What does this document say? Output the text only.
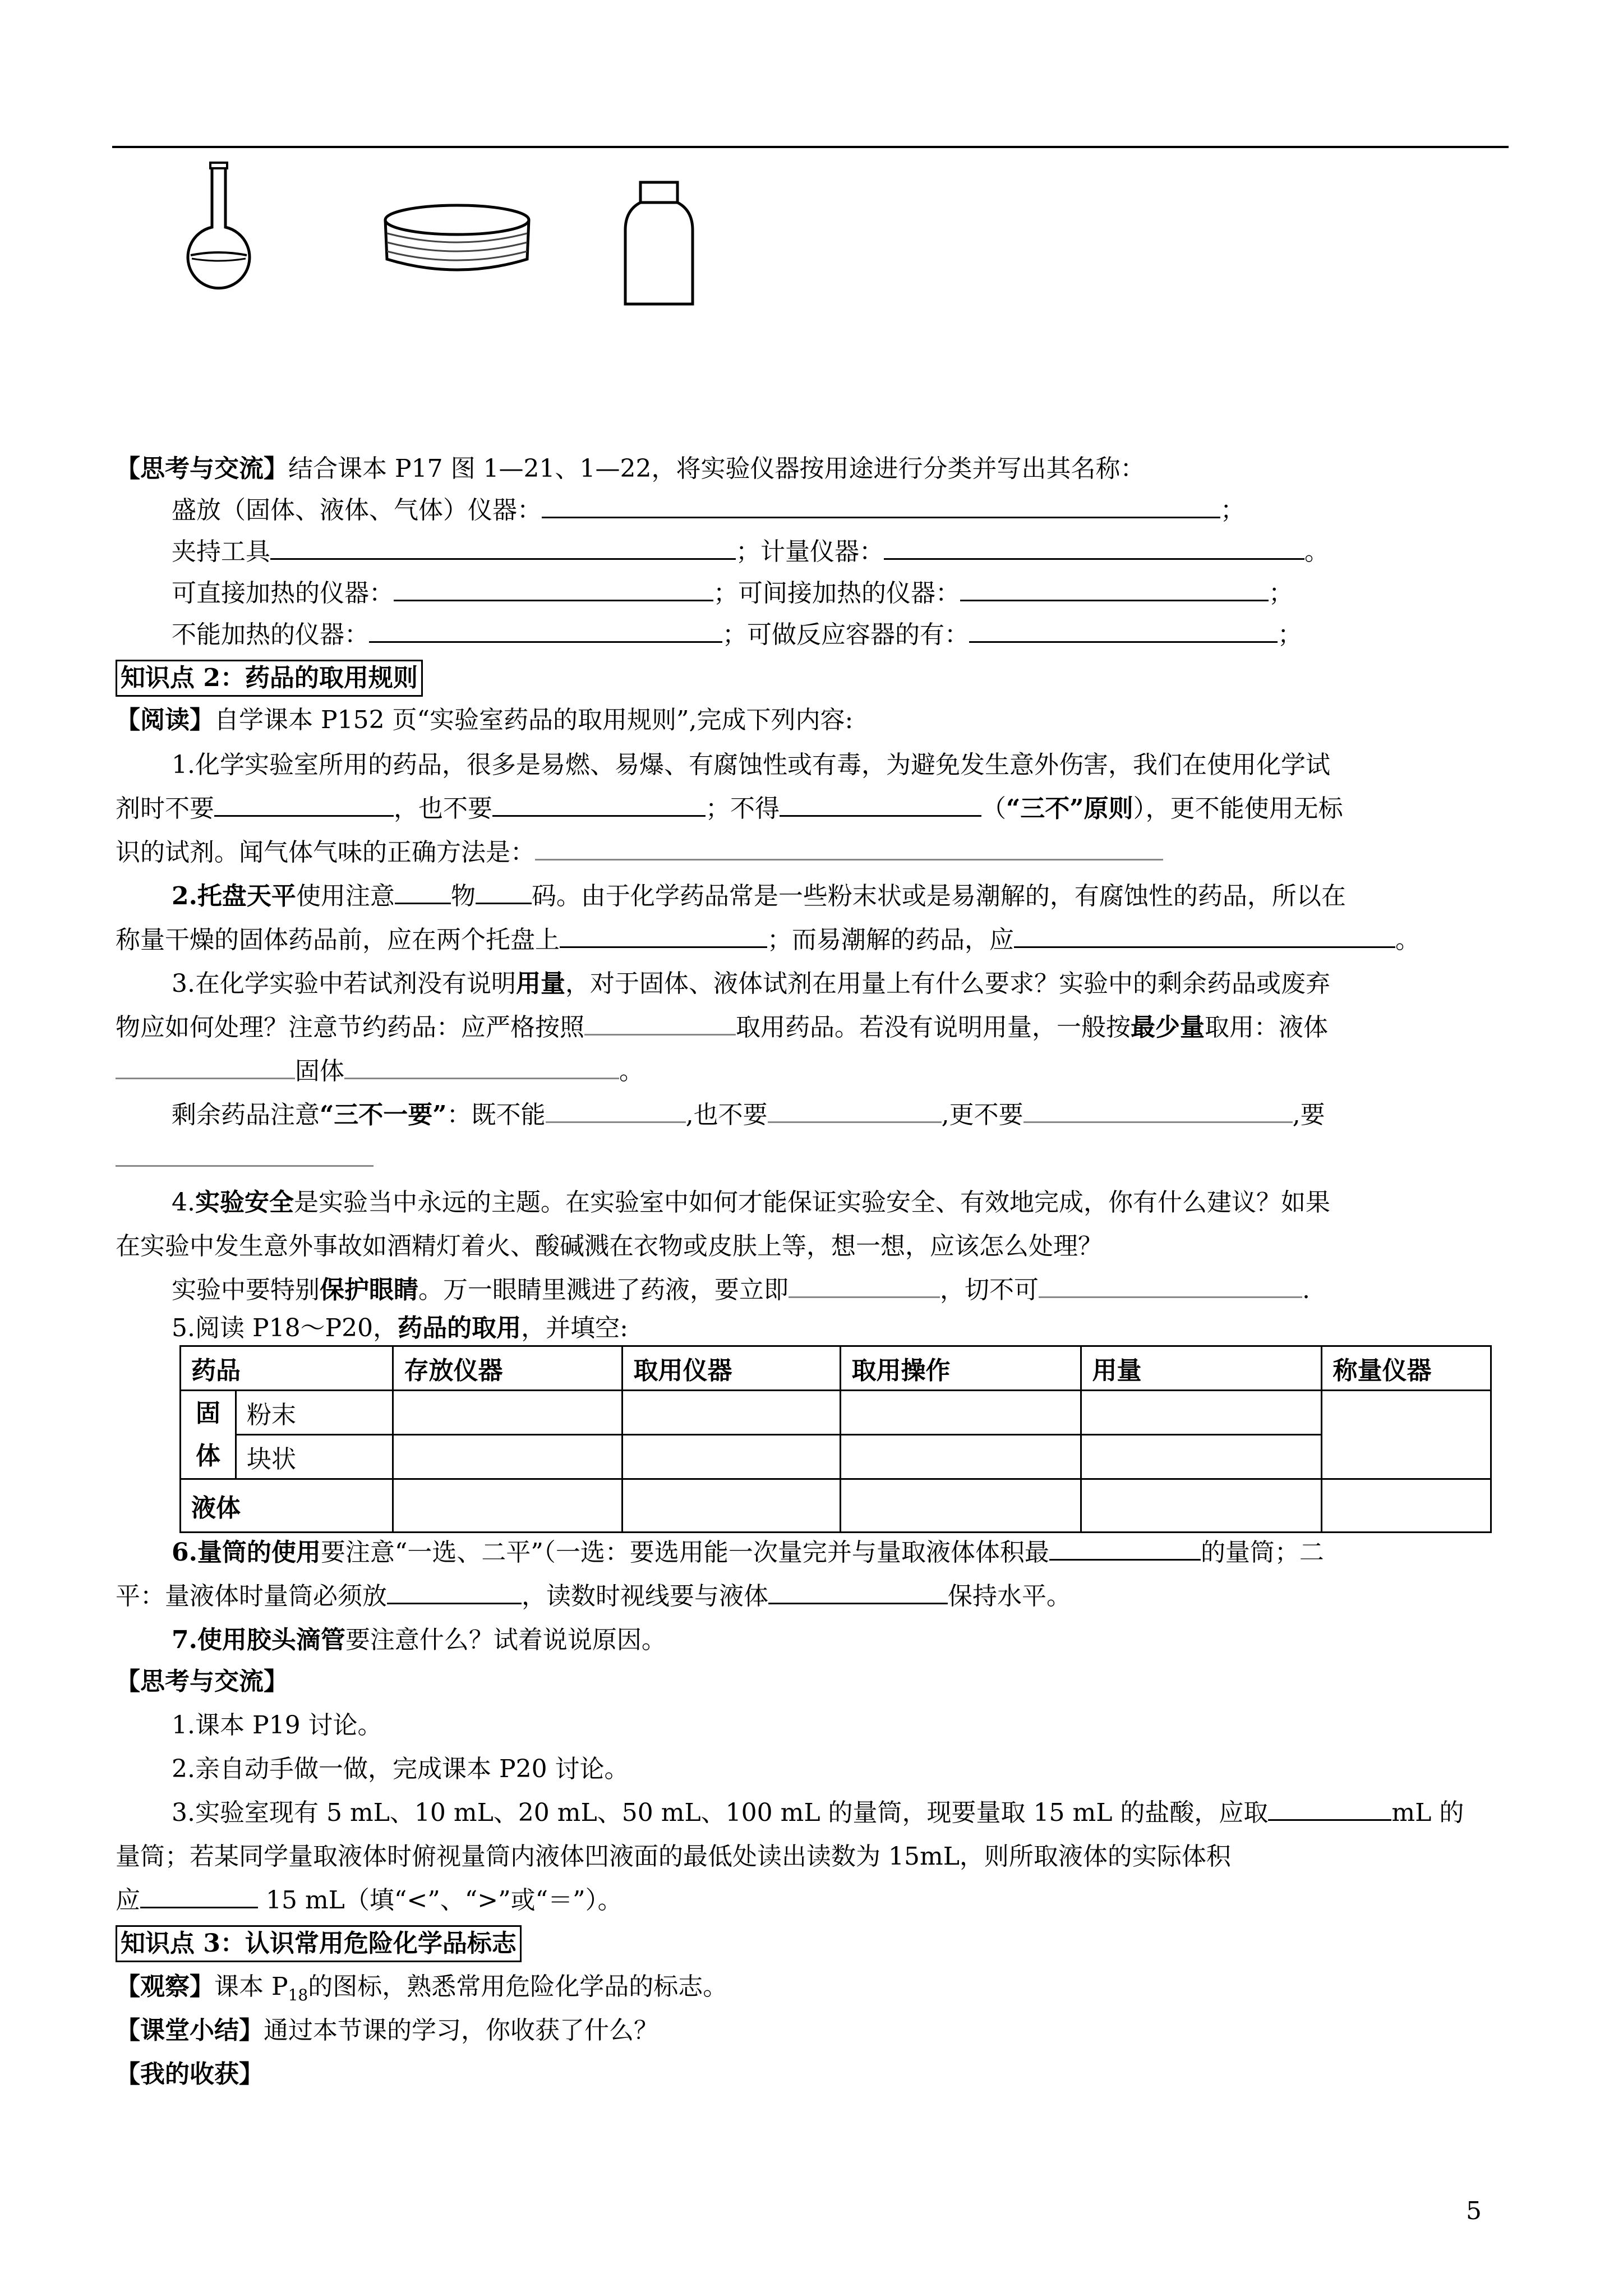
【思考与交流】结合课本 P17 图 1—21、1—22，将实验仪器按用途进行分类并写出其名称：
盛放（固体、液体、气体）仪器：	；
夹持工具	；计量仪器：	。
可直接加热的仪器：	；可间接加热的仪器：	；
不能加热的仪器：	；可做反应容器的有：	；
知识点 2：药品的取用规则
【阅读】自学课本 P152 页“实验室药品的取用规则”,完成下列内容:
1.化学实验室所用的药品，很多是易燃、易爆、有腐蚀性或有毒，为避免发生意外伤害，我们在使用化学试
剂时不要	，也不要	；不得	（“三不”原则），更不能使用无标
识的试剂。闻气体气味的正确方法是：
2.托盘天平使用注意 物 码。由于化学药品常是一些粉末状或是易潮解的，有腐蚀性的药品，所以在
称量干燥的固体药品前，应在两个托盘上	；而易潮解的药品，应	。
3.在化学实验中若试剂没有说明用量，对于固体、液体试剂在用量上有什么要求？实验中的剩余药品或废弃
物应如何处理？注意节约药品：应严格按照	取用药品。若没有说明用量，一般按最少量取用：液体
固体	。
剩余药品注意“三不一要”：既不能	,也不要	,更不要	,要
4.实验安全是实验当中永远的主题。在实验室中如何才能保证实验安全、有效地完成，你有什么建议？如果
在实验中发生意外事故如酒精灯着火、酸碱溅在衣物或皮肤上等，想一想，应该怎么处理？
实验中要特别保护眼睛。万一眼睛里溅进了药液，要立即	，切不可	.
5.阅读 P18～P20，药品的取用，并填空:
药品		存放仪器	取用仪器	取用操作	用量	称量仪器
固
体	粉末					
	块状					
液体						
6.量筒的使用要注意“一选、二平”（一选：要选用能一次量完并与量取液体体积最	的量筒；二
平：量液体时量筒必须放	，读数时视线要与液体	保持水平。
7.使用胶头滴管要注意什么？试着说说原因。
【思考与交流】
1.课本 P19 讨论。
2.亲自动手做一做，完成课本 P20 讨论。
3.实验室现有 5 mL、10 mL、20 mL、50 mL、100 mL 的量筒，现要量取 15 mL 的盐酸，应取	mL 的
量筒；若某同学量取液体时俯视量筒内液体凹液面的最低处读出读数为 15mL，则所取液体的实际体积
应	15 mL（填“<”、“>”或“＝”）。
知识点 3：认识常用危险化学品标志
【观察】课本 $P_{18}$的图标，熟悉常用危险化学品的标志。
【课堂小结】通过本节课的学习，你收获了什么？
【我的收获】
5
